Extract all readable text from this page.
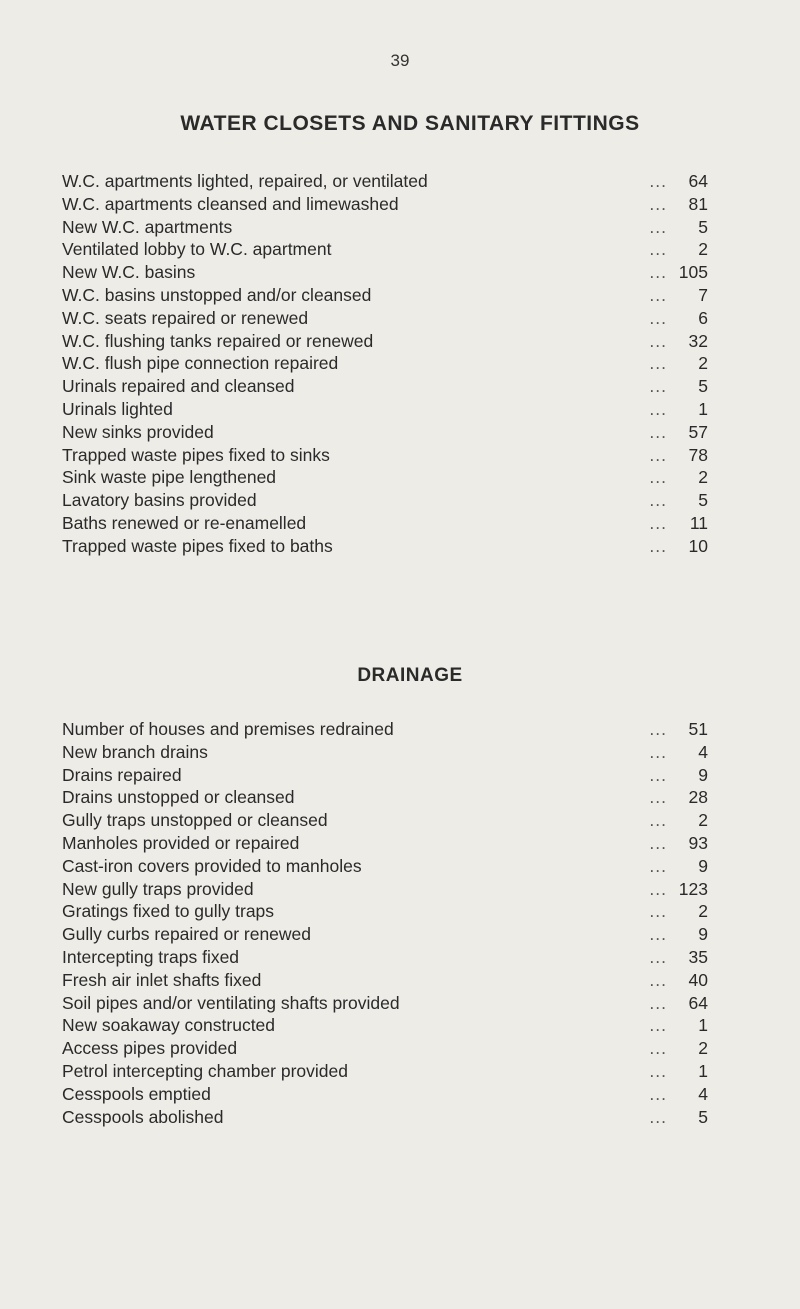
39
WATER CLOSETS AND SANITARY FITTINGS
W.C. apartments lighted, repaired, or ventilated	... 64
W.C. apartments cleansed and limewashed	... 81
New W.C. apartments	... 5
Ventilated lobby to W.C. apartment	... 2
New W.C. basins	... 105
W.C. basins unstopped and/or cleansed	... 7
W.C. seats repaired or renewed	... 6
W.C. flushing tanks repaired or renewed	... 32
W.C. flush pipe connection repaired	... 2
Urinals repaired and cleansed	... 5
Urinals lighted	... 1
New sinks provided	... 57
Trapped waste pipes fixed to sinks	... 78
Sink waste pipe lengthened	... 2
Lavatory basins provided	... 5
Baths renewed or re-enamelled	... 11
Trapped waste pipes fixed to baths	... 10
DRAINAGE
Number of houses and premises redrained	... 51
New branch drains	... 4
Drains repaired	... 9
Drains unstopped or cleansed	... 28
Gully traps unstopped or cleansed	... 2
Manholes provided or repaired	... 93
Cast-iron covers provided to manholes	... 9
New gully traps provided	... 123
Gratings fixed to gully traps	... 2
Gully curbs repaired or renewed	... 9
Intercepting traps fixed	... 35
Fresh air inlet shafts fixed	... 40
Soil pipes and/or ventilating shafts provided	... 64
New soakaway constructed	... 1
Access pipes provided	... 2
Petrol intercepting chamber provided	... 1
Cesspools emptied	... 4
Cesspools abolished	... 5
